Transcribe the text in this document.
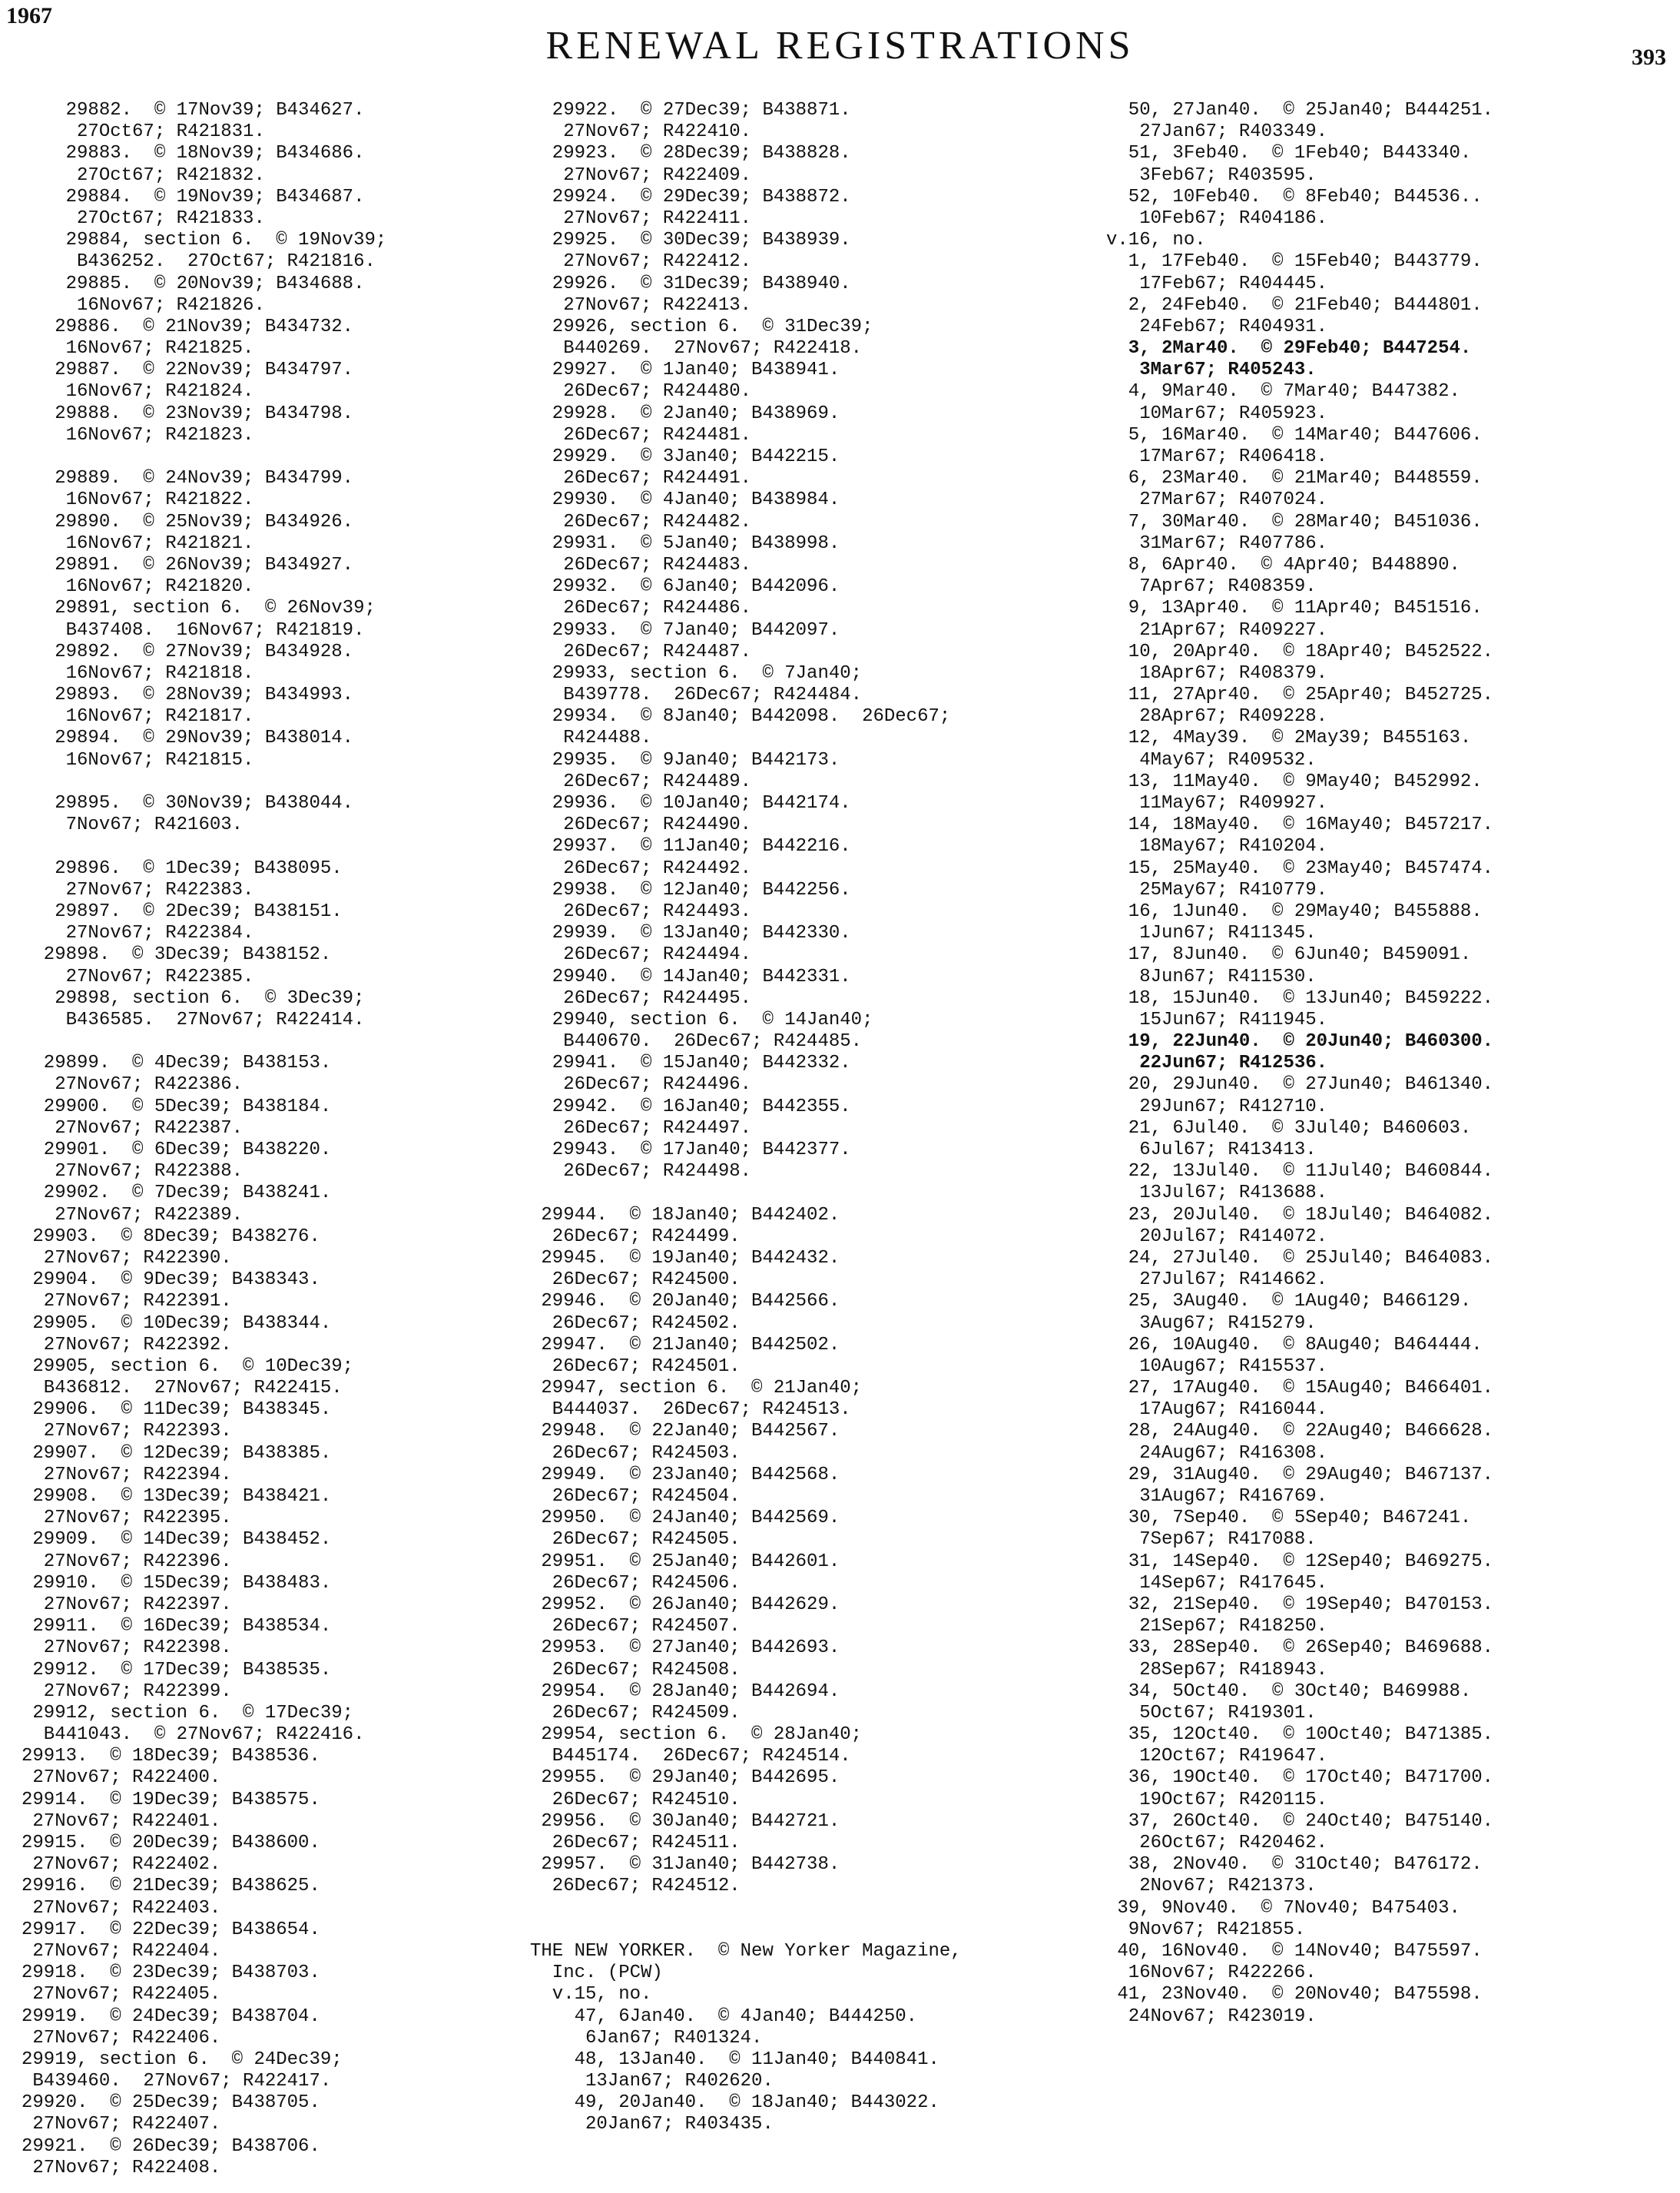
1967
RENEWAL REGISTRATIONS	393
29882.  © 17Nov39; B434627.
27Oct67; R421831.
29883.  © 18Nov39; B434686.
27Oct67; R421832.
29884.  © 19Nov39; B434687.
27Oct67; R421833.
29884, section 6.  © 19Nov39;
B436252.  27Oct67; R421816.
29885.  © 20Nov39; B434688.
16Nov67; R421826.
29886.  © 21Nov39; B434732.
16Nov67; R421825.
29887.  © 22Nov39; B434797.
16Nov67; R421824.
29888.  © 23Nov39; B434798.
16Nov67; R421823.
29889.  © 24Nov39; B434799.
16Nov67; R421822.
29890.  © 25Nov39; B434926.
16Nov67; R421821.
29891.  © 26Nov39; B434927.
16Nov67; R421820.
29891, section 6.  © 26Nov39;
B437408.  16Nov67; R421819.
29892.  © 27Nov39; B434928.
16Nov67; R421818.
29893.  © 28Nov39; B434993.
16Nov67; R421817.
29894.  © 29Nov39; B438014.
16Nov67; R421815.
29895.  © 30Nov39; B438044.
7Nov67; R421603.
29896.  © 1Dec39; B438095.
27Nov67; R422383.
29897.  © 2Dec39; B438151.
27Nov67; R422384.
29898.  © 3Dec39; B438152.
27Nov67; R422385.
29898, section 6.  © 3Dec39;
B436585.  27Nov67; R422414.
29899.  © 4Dec39; B438153.
27Nov67; R422386.
29900.  © 5Dec39; B438184.
27Nov67; R422387.
29901.  © 6Dec39; B438220.
27Nov67; R422388.
29902.  © 7Dec39; B438241.
27Nov67; R422389.
29903.  © 8Dec39; B438276.
27Nov67; R422390.
29904.  © 9Dec39; B438343.
27Nov67; R422391.
29905.  © 10Dec39; B438344.
27Nov67; R422392.
29905, section 6.  © 10Dec39;
B436812.  27Nov67; R422415.
29906.  © 11Dec39; B438345.
27Nov67; R422393.
29907.  © 12Dec39; B438385.
27Nov67; R422394.
29908.  © 13Dec39; B438421.
27Nov67; R422395.
29909.  © 14Dec39; B438452.
27Nov67; R422396.
29910.  © 15Dec39; B438483.
27Nov67; R422397.
29911.  © 16Dec39; B438534.
27Nov67; R422398.
29912.  © 17Dec39; B438535.
27Nov67; R422399.
29912, section 6.  © 17Dec39;
B441043.  © 27Nov67; R422416.
29913.  © 18Dec39; B438536.
27Nov67; R422400.
29914.  © 19Dec39; B438575.
27Nov67; R422401.
29915.  © 20Dec39; B438600.
27Nov67; R422402.
29916.  © 21Dec39; B438625.
27Nov67; R422403.
29917.  © 22Dec39; B438654.
27Nov67; R422404.
29918.  © 23Dec39; B438703.
27Nov67; R422405.
29919.  © 24Dec39; B438704.
27Nov67; R422406.
29919, section 6.  © 24Dec39;
B439460.  27Nov67; R422417.
29920.  © 25Dec39; B438705.
27Nov67; R422407.
29921.  © 26Dec39; B438706.
27Nov67; R422408.
29922.  © 27Dec39; B438871.
27Nov67; R422410.
29923.  © 28Dec39; B438828.
27Nov67; R422409.
29924.  © 29Dec39; B438872.
27Nov67; R422411.
29925.  © 30Dec39; B438939.
27Nov67; R422412.
29926.  © 31Dec39; B438940.
27Nov67; R422413.
29926, section 6.  © 31Dec39;
B440269.  27Nov67; R422418.
29927.  © 1Jan40; B438941.
26Dec67; R424480.
29928.  © 2Jan40; B438969.
26Dec67; R424481.
29929.  © 3Jan40; B442215.
26Dec67; R424491.
29930.  © 4Jan40; B438984.
26Dec67; R424482.
29931.  © 5Jan40; B438998.
26Dec67; R424483.
29932.  © 6Jan40; B442096.
26Dec67; R424486.
29933.  © 7Jan40; B442097.
26Dec67; R424487.
29933, section 6.  © 7Jan40;
B439778.  26Dec67; R424484.
29934.  © 8Jan40; B442098.  26Dec67;
R424488.
29935.  © 9Jan40; B442173.
26Dec67; R424489.
29936.  © 10Jan40; B442174.
26Dec67; R424490.
29937.  © 11Jan40; B442216.
26Dec67; R424492.
29938.  © 12Jan40; B442256.
26Dec67; R424493.
29939.  © 13Jan40; B442330.
26Dec67; R424494.
29940.  © 14Jan40; B442331.
26Dec67; R424495.
29940, section 6.  © 14Jan40;
B440670.  26Dec67; R424485.
29941.  © 15Jan40; B442332.
26Dec67; R424496.
29942.  © 16Jan40; B442355.
26Dec67; R424497.
29943.  © 17Jan40; B442377.
26Dec67; R424498.
29944.  © 18Jan40; B442402.
26Dec67; R424499.
29945.  © 19Jan40; B442432.
26Dec67; R424500.
29946.  © 20Jan40; B442566.
26Dec67; R424502.
29947.  © 21Jan40; B442502.
26Dec67; R424501.
29947, section 6.  © 21Jan40;
B444037.  26Dec67; R424513.
29948.  © 22Jan40; B442567.
26Dec67; R424503.
29949.  © 23Jan40; B442568.
26Dec67; R424504.
29950.  © 24Jan40; B442569.
26Dec67; R424505.
29951.  © 25Jan40; B442601.
26Dec67; R424506.
29952.  © 26Jan40; B442629.
26Dec67; R424507.
29953.  © 27Jan40; B442693.
26Dec67; R424508.
29954.  © 28Jan40; B442694.
26Dec67; R424509.
29954, section 6.  © 28Jan40;
B445174.  26Dec67; R424514.
29955.  © 29Jan40; B442695.
26Dec67; R424510.
29956.  © 30Jan40; B442721.
26Dec67; R424511.
29957.  © 31Jan40; B442738.
26Dec67; R424512.
THE NEW YORKER.  © New Yorker Magazine,
Inc. (PCW)
v.15, no.
47, 6Jan40.  © 4Jan40; B444250.
6Jan67; R401324.
48, 13Jan40.  © 11Jan40; B440841.
13Jan67; R402620.
49, 20Jan40.  © 18Jan40; B443022.
20Jan67; R403435.
50, 27Jan40.  © 25Jan40; B444251.
27Jan67; R403349.
51, 3Feb40.  © 1Feb40; B443340.
3Feb67; R403595.
52, 10Feb40.  © 8Feb40; B44536..
10Feb67; R404186.
v.16, no.
1, 17Feb40.  © 15Feb40; B443779.
17Feb67; R404445.
2, 24Feb40.  © 21Feb40; B444801.
24Feb67; R404931.
3, 2Mar40.  © 29Feb40; B447254.
3Mar67; R405243.
4, 9Mar40.  © 7Mar40; B447382.
10Mar67; R405923.
5, 16Mar40.  © 14Mar40; B447606.
17Mar67; R406418.
6, 23Mar40.  © 21Mar40; B448559.
27Mar67; R407024.
7, 30Mar40.  © 28Mar40; B451036.
31Mar67; R407786.
8, 6Apr40.  © 4Apr40; B448890.
7Apr67; R408359.
9, 13Apr40.  © 11Apr40; B451516.
21Apr67; R409227.
10, 20Apr40.  © 18Apr40; B452522.
18Apr67; R408379.
11, 27Apr40.  © 25Apr40; B452725.
28Apr67; R409228.
12, 4May39.  © 2May39; B455163.
4May67; R409532.
13, 11May40.  © 9May40; B452992.
11May67; R409927.
14, 18May40.  © 16May40; B457217.
18May67; R410204.
15, 25May40.  © 23May40; B457474.
25May67; R410779.
16, 1Jun40.  © 29May40; B455888.
1Jun67; R411345.
17, 8Jun40.  © 6Jun40; B459091.
8Jun67; R411530.
18, 15Jun40.  © 13Jun40; B459222.
15Jun67; R411945.
19, 22Jun40.  © 20Jun40; B460300.
22Jun67; R412536.
20, 29Jun40.  © 27Jun40; B461340.
29Jun67; R412710.
21, 6Jul40.  © 3Jul40; B460603.
6Jul67; R413413.
22, 13Jul40.  © 11Jul40; B460844.
13Jul67; R413688.
23, 20Jul40.  © 18Jul40; B464082.
20Jul67; R414072.
24, 27Jul40.  © 25Jul40; B464083.
27Jul67; R414662.
25, 3Aug40.  © 1Aug40; B466129.
3Aug67; R415279.
26, 10Aug40.  © 8Aug40; B464444.
10Aug67; R415537.
27, 17Aug40.  © 15Aug40; B466401.
17Aug67; R416044.
28, 24Aug40.  © 22Aug40; B466628.
24Aug67; R416308.
29, 31Aug40.  © 29Aug40; B467137.
31Aug67; R416769.
30, 7Sep40.  © 5Sep40; B467241.
7Sep67; R417088.
31, 14Sep40.  © 12Sep40; B469275.
14Sep67; R417645.
32, 21Sep40.  © 19Sep40; B470153.
21Sep67; R418250.
33, 28Sep40.  © 26Sep40; B469688.
28Sep67; R418943.
34, 5Oct40.  © 3Oct40; B469988.
5Oct67; R419301.
35, 12Oct40.  © 10Oct40; B471385.
12Oct67; R419647.
36, 19Oct40.  © 17Oct40; B471700.
19Oct67; R420115.
37, 26Oct40.  © 24Oct40; B475140.
26Oct67; R420462.
38, 2Nov40.  © 31Oct40; B476172.
2Nov67; R421373.
39, 9Nov40.  © 7Nov40; B475403.
9Nov67; R421855.
40, 16Nov40.  © 14Nov40; B475597.
16Nov67; R422266.
41, 23Nov40.  © 20Nov40; B475598.
24Nov67; R423019.
